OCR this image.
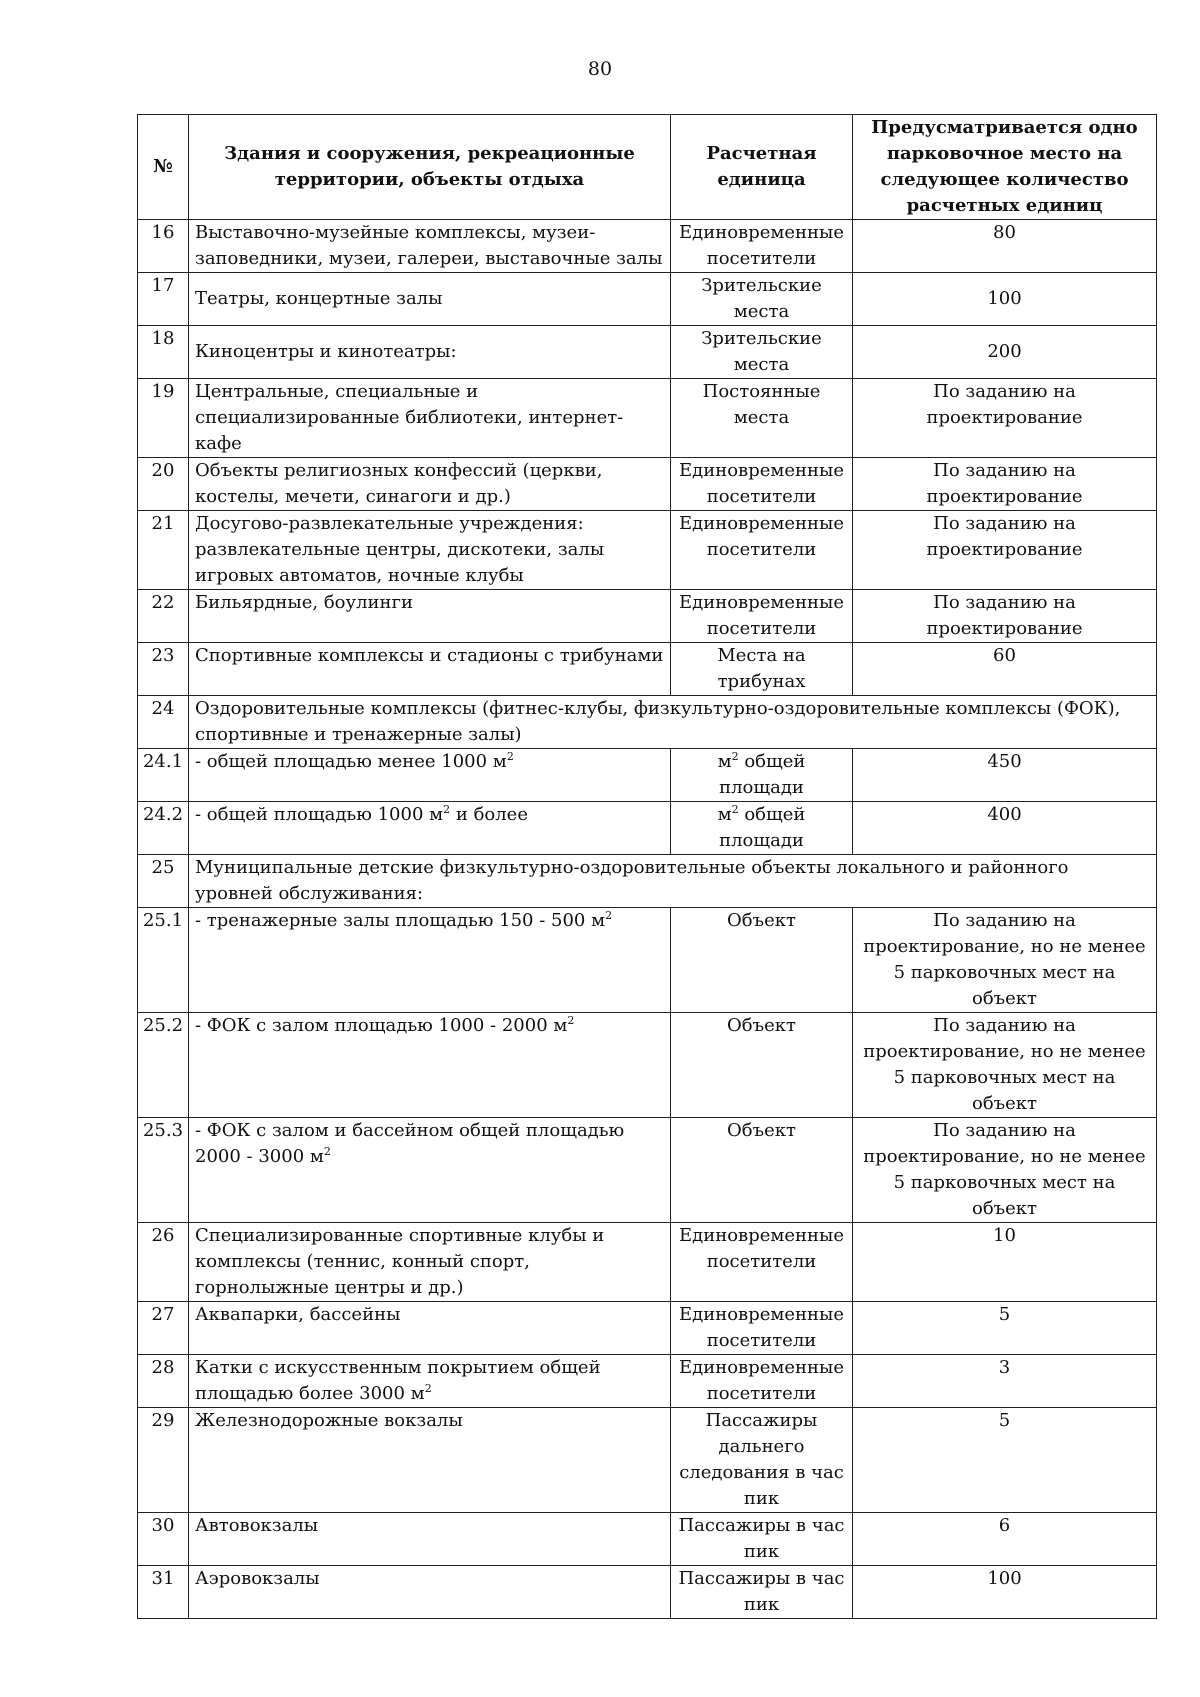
80
№	Здания и сооружения, рекреационные территории, объекты отдыха	Расчетная единица	Предусматривается одно парковочное место на следующее количество расчетных единиц
16	Выставочно-музейные комплексы, музеи-заповедники, музеи, галереи, выставочные залы	Единовременные посетители	80
17	Театры, концертные залы	Зрительские места	100
18	Киноцентры и кинотеатры:	Зрительские места	200
19	Центральные, специальные и специализированные библиотеки, интернет-кафе	Постоянные места	По заданию на проектирование
20	Объекты религиозных конфессий (церкви, костелы, мечети, синагоги и др.)	Единовременные посетители	По заданию на проектирование
21	Досугово-развлекательные учреждения: развлекательные центры, дискотеки, залы игровых автоматов, ночные клубы	Единовременные посетители	По заданию на проектирование
22	Бильярдные, боулинги	Единовременные посетители	По заданию на проектирование
23	Спортивные комплексы и стадионы с трибунами	Места на трибунах	60
24	Оздоровительные комплексы (фитнес-клубы, физкультурно-оздоровительные комплексы (ФОК), спортивные и тренажерные залы)		
24.1	- общей площадью менее 1000 $м^2$	$м^2$ общей площади	450
24.2	- общей площадью 1000 $м^2$ и более	$м^2$ общей площади	400
25	Муниципальные детские физкультурно-оздоровительные объекты локального и районного уровней обслуживания:		
25.1	- тренажерные залы площадью 150 - 500 $м^2$	Объект	По заданию на проектирование, но не менее 5 парковочных мест на объект
25.2	- ФОК с залом площадью 1000 - 2000 $м^2$	Объект	По заданию на проектирование, но не менее 5 парковочных мест на объект
25.3	- ФОК с залом и бассейном общей площадью 2000 - 3000 $м^2$	Объект	По заданию на проектирование, но не менее 5 парковочных мест на объект
26	Специализированные спортивные клубы и комплексы (теннис, конный спорт, горнолыжные центры и др.)	Единовременные посетители	10
27	Аквапарки, бассейны	Единовременные посетители	5
28	Катки с искусственным покрытием общей площадью более 3000 $м^2$	Единовременные посетители	3
29	Железнодорожные вокзалы	Пассажиры дальнего следования в час пик	5
30	Автовокзалы	Пассажиры в час пик	6
31	Аэровокзалы	Пассажиры в час пик	100
